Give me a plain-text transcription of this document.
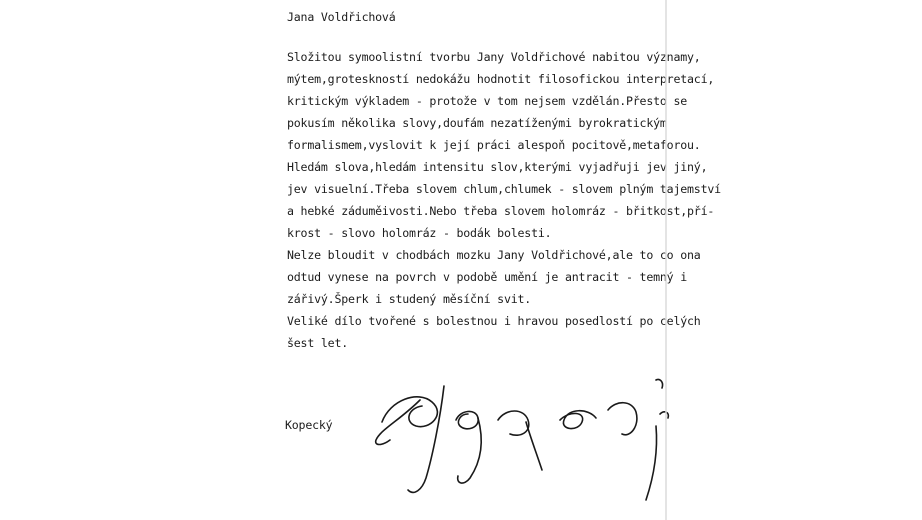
Jana Voldřichová
Složitou symoolistní tvorbu Jany Voldřichové nabitou významy,
mýtem,groteskností nedokážu hodnotit filosofickou interpretací,
kritickým výkladem - protože v tom nejsem vzdělán.Přesto se
pokusím několika slovy,doufám nezatíženými byrokratickým
formalismem,vyslovit k její práci alespoň pocitově,metaforou.
Hledám slova,hledám intensitu slov,kterými vyjadřuji jev jiný,
jev visuelní.Třeba slovem chlum,chlumek - slovem plným tajemství
a hebké záduměivosti.Nebo třeba slovem holomráz - břitkost,pří-
krost - slovo holomráz - bodák bolesti.
Nelze bloudit v chodbách mozku Jany Voldřichové,ale to co ona
odtud vynese na povrch v podobě umění je antracit - temný i
zářivý.Šperk i studený měsíční svit.
Veliké dílo tvořené s bolestnou i hravou posedlostí po celých
šest let.
Kopecký
